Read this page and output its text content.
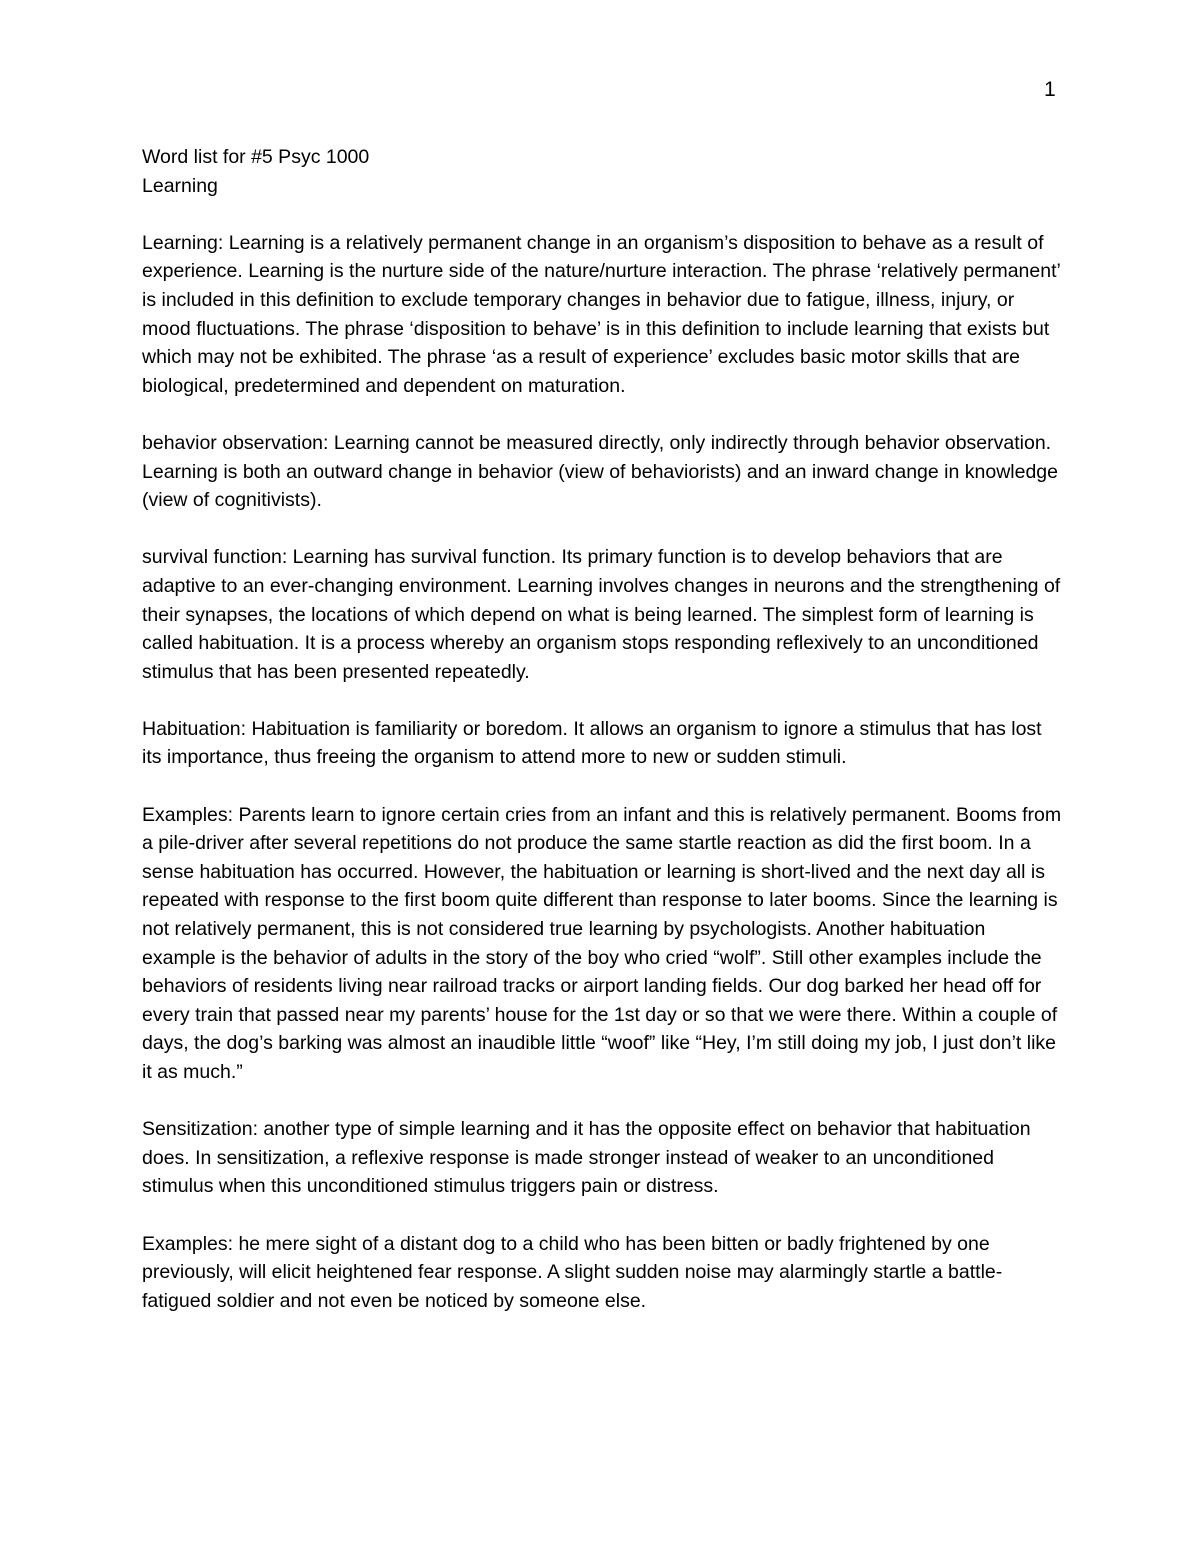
1
Word list for #5 Psyc 1000
Learning

Learning: Learning is a relatively permanent change in an organism’s disposition to behave as a result of experience. Learning is the nurture side of the nature/nurture interaction. The phrase ‘relatively permanent’ is included in this definition to exclude temporary changes in behavior due to fatigue, illness, injury, or mood fluctuations. The phrase ‘disposition to behave’ is in this definition to include learning that exists but which may not be exhibited. The phrase ‘as a result of experience’ excludes basic motor skills that are biological, predetermined and dependent on maturation.

behavior observation: Learning cannot be measured directly, only indirectly through behavior observation. Learning is both an outward change in behavior (view of behaviorists) and an inward change in knowledge (view of cognitivists).

survival function: Learning has survival function. Its primary function is to develop behaviors that are adaptive to an ever-changing environment. Learning involves changes in neurons and the strengthening of their synapses, the locations of which depend on what is being learned. The simplest form of learning is called habituation. It is a process whereby an organism stops responding reflexively to an unconditioned stimulus that has been presented repeatedly.

Habituation: Habituation is familiarity or boredom. It allows an organism to ignore a stimulus that has lost its importance, thus freeing the organism to attend more to new or sudden stimuli.

Examples: Parents learn to ignore certain cries from an infant and this is relatively permanent. Booms from a pile-driver after several repetitions do not produce the same startle reaction as did the first boom. In a sense habituation has occurred. However, the habituation or learning is short-lived and the next day all is repeated with response to the first boom quite different than response to later booms. Since the learning is not relatively permanent, this is not considered true learning by psychologists. Another habituation example is the behavior of adults in the story of the boy who cried “wolf”. Still other examples include the behaviors of residents living near railroad tracks or airport landing fields. Our dog barked her head off for every train that passed near my parents’ house for the 1st day or so that we were there. Within a couple of days, the dog’s barking was almost an inaudible little “woof” like “Hey, I’m still doing my job, I just don’t like it as much.”

Sensitization: another type of simple learning and it has the opposite effect on behavior that habituation does. In sensitization, a reflexive response is made stronger instead of weaker to an unconditioned stimulus when this unconditioned stimulus triggers pain or distress.

Examples: he mere sight of a distant dog to a child who has been bitten or badly frightened by one previously, will elicit heightened fear response. A slight sudden noise may alarmingly startle a battle-fatigued soldier and not even be noticed by someone else.
